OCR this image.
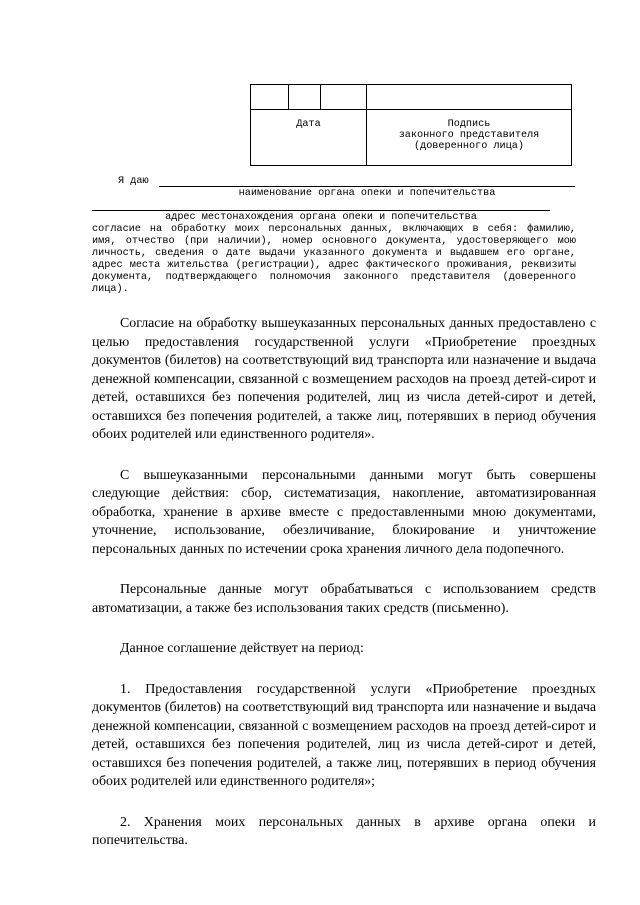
Дата			Подпись
законного представителя
(доверенного лица)
Я даю
наименование органа опеки и попечительства
адрес местонахождения органа опеки и попечительства

согласие на обработку моих персональных данных, включающих в себя: фамилию, имя, отчество (при наличии), номер основного документа, удостоверяющего мою личность, сведения о дате выдачи указанного документа и выдавшем его органе, адрес места жительства (регистрации), адрес фактического проживания, реквизиты документа, подтверждающего полномочия законного представителя (доверенного лица).

Согласие на обработку вышеуказанных персональных данных предоставлено с целью предоставления государственной услуги «Приобретение проездных документов (билетов) на соответствующий вид транспорта или назначение и выдача денежной компенсации, связанной с возмещением расходов на проезд детей-сирот и детей, оставшихся без попечения родителей, лиц из числа детей-сирот и детей, оставшихся без попечения родителей, а также лиц, потерявших в период обучения обоих родителей или единственного родителя».

С вышеуказанными персональными данными могут быть совершены следующие действия: сбор, систематизация, накопление, автоматизированная обработка, хранение в архиве вместе с предоставленными мною документами, уточнение, использование, обезличивание, блокирование и уничтожение персональных данных по истечении срока хранения личного дела подопечного.

Персональные данные могут обрабатываться с использованием средств автоматизации, а также без использования таких средств (письменно).

Данное соглашение действует на период:

1. Предоставления государственной услуги «Приобретение проездных документов (билетов) на соответствующий вид транспорта или назначение и выдача денежной компенсации, связанной с возмещением расходов на проезд детей-сирот и детей, оставшихся без попечения родителей, лиц из числа детей-сирот и детей, оставшихся без попечения родителей, а также лиц, потерявших в период обучения обоих родителей или единственного родителя»;

2. Хранения моих персональных данных в архиве органа опеки и попечительства.
